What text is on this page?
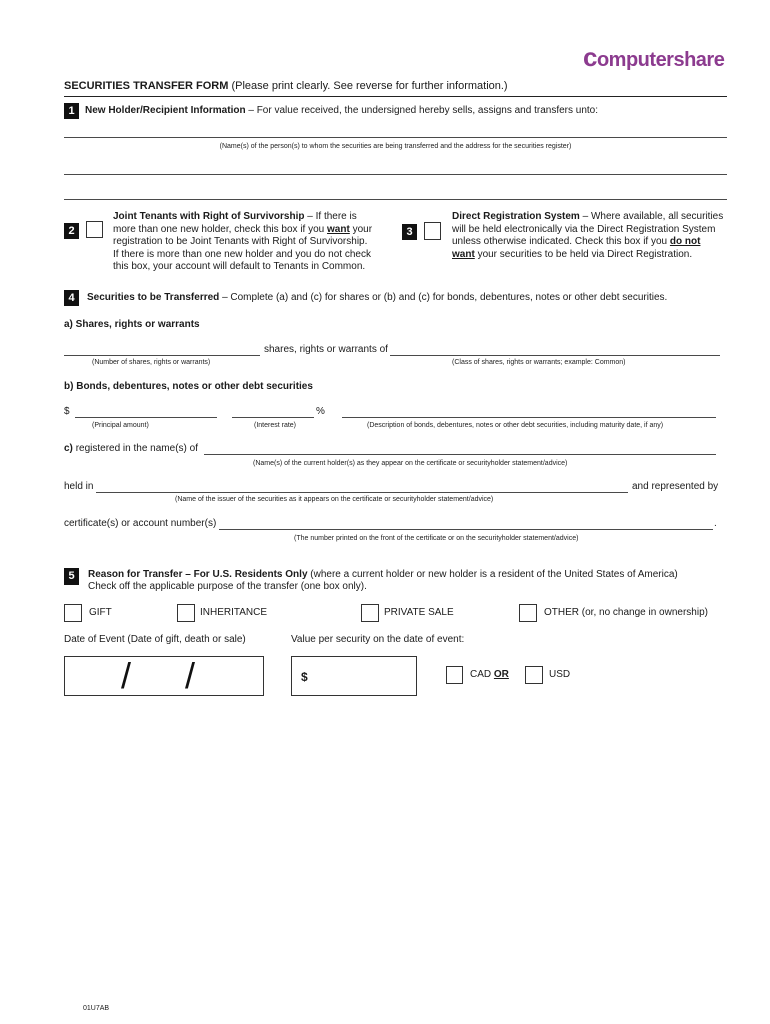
computershare
SECURITIES TRANSFER FORM (Please print clearly. See reverse for further information.)
1	New Holder/Recipient Information – For value received, the undersigned hereby sells, assigns and transfers unto:
(Name(s) of the person(s) to whom the securities are being transferred and the address for the securities register)
2
Joint Tenants with Right of Survivorship – If there is
more than one new holder, check this box if you want your
registration to be Joint Tenants with Right of Survivorship.
If there is more than one new holder and you do not check
this box, your account will default to Tenants in Common.
3
Direct Registration System – Where available, all securities
will be held electronically via the Direct Registration System
unless otherwise indicated. Check this box if you do not
want your securities to be held via Direct Registration.
4	Securities to be Transferred – Complete (a) and (c) for shares or (b) and (c) for bonds, debentures, notes or other debt securities.
a) Shares, rights or warrants
shares, rights or warrants of
(Number of shares, rights or warrants)	(Class of shares, rights or warrants; example: Common)
b) Bonds, debentures, notes or other debt securities
$	%
(Principal amount)	(Interest rate)	(Description of bonds, debentures, notes or other debt securities, including maturity date, if any)
c) registered in the name(s) of
(Name(s) of the current holder(s) as they appear on the certificate or securityholder statement/advice)
held in	and represented by
(Name of the issuer of the securities as it appears on the certificate or securityholder statement/advice)
certificate(s) or account number(s)	.
(The number printed on the front of the certificate or on the securityholder statement/advice)
5	Reason for Transfer – For U.S. Residents Only (where a current holder or new holder is a resident of the United States of America)
Check off the applicable purpose of the transfer (one box only).
GIFT	INHERITANCE	PRIVATE SALE	OTHER (or, no change in ownership)
Date of Event (Date of gift, death or sale)	Value per security on the date of event:
/ /	$	CAD OR	USD
01U7AB
